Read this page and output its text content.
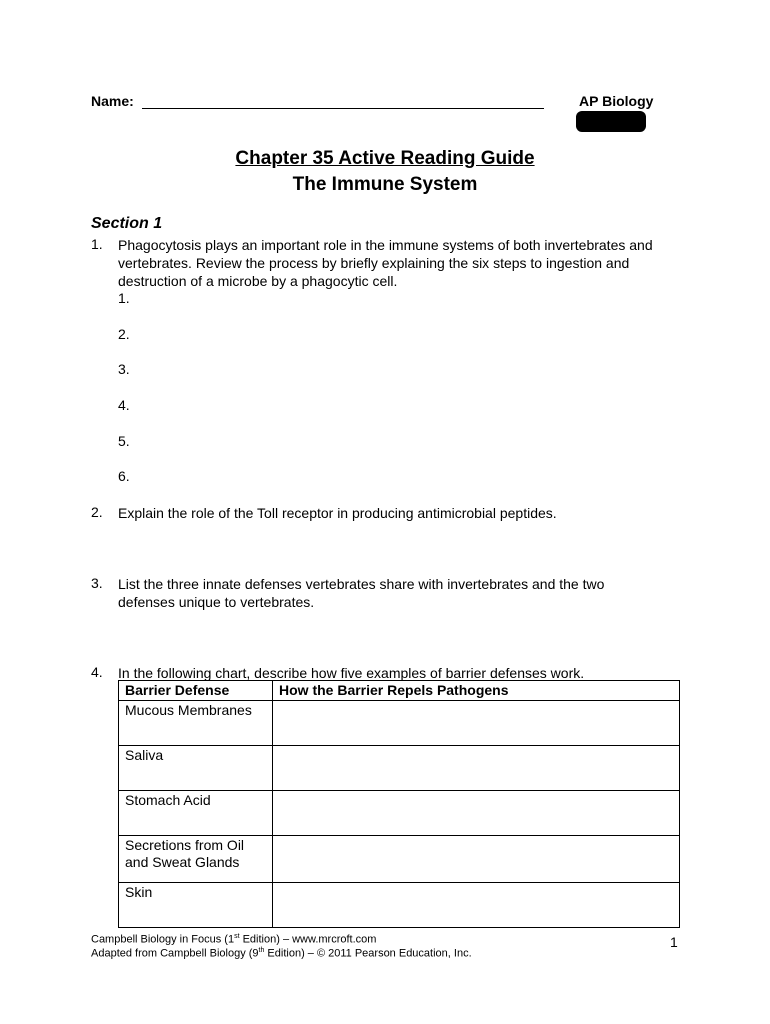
Name:	AP Biology
Chapter 35 Active Reading Guide
The Immune System
Section 1
1. Phagocytosis plays an important role in the immune systems of both invertebrates and vertebrates. Review the process by briefly explaining the six steps to ingestion and destruction of a microbe by a phagocytic cell.
1.
2.
3.
4.
5.
6.
2. Explain the role of the Toll receptor in producing antimicrobial peptides.
3. List the three innate defenses vertebrates share with invertebrates and the two defenses unique to vertebrates.
4. In the following chart, describe how five examples of barrier defenses work.
Barrier Defense	How the Barrier Repels Pathogens
Mucous Membranes	
Saliva	
Stomach Acid	
Secretions from Oil and Sweat Glands	
Skin	
Campbell Biology in Focus (1st Edition) – www.mrcroft.com
Adapted from Campbell Biology (9th Edition) – © 2011 Pearson Education, Inc.
1
